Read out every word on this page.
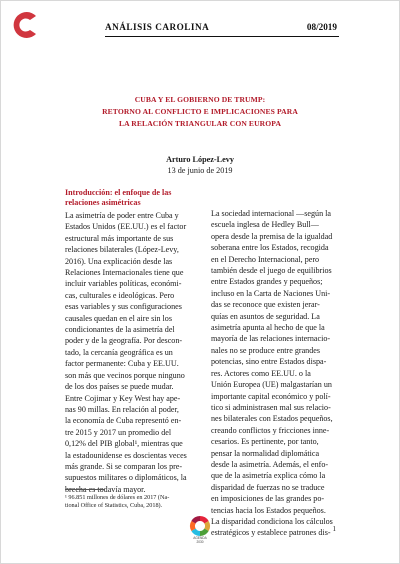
ANÁLISIS CAROLINA	08/2019
CUBA Y EL GOBIERNO DE TRUMP:
RETORNO AL CONFLICTO E IMPLICACIONES PARA
LA RELACIÓN TRIANGULAR CON EUROPA
Arturo López-Levy
13 de junio de 2019
Introducción: el enfoque de las
relaciones asimétricas
La asimetría de poder entre Cuba y
Estados Unidos (EE.UU.) es el factor
estructural más importante de sus
relaciones bilaterales (López-Levy,
2016). Una explicación desde las
Relaciones Internacionales tiene que
incluir variables políticas, económi-
cas, culturales e ideológicas. Pero
esas variables y sus configuraciones
causales quedan en el aire sin los
condicionantes de la asimetría del
poder y de la geografía. Por descon-
tado, la cercanía geográfica es un
factor permanente: Cuba y EE.UU.
son más que vecinos porque ninguno
de los dos países se puede mudar.
Entre Cojimar y Key West hay ape-
nas 90 millas. En relación al poder,
la economía de Cuba representó en-
tre 2015 y 2017 un promedio del
0,12% del PIB global¹, mientras que
la estadounidense es doscientas veces
más grande. Si se comparan los pre-
supuestos militares o diplomáticos, la
brecha es todavía mayor.
La sociedad internacional —según la
escuela inglesa de Hedley Bull—
opera desde la premisa de la igualdad
soberana entre los Estados, recogida
en el Derecho Internacional, pero
también desde el juego de equilibrios
entre Estados grandes y pequeños;
incluso en la Carta de Naciones Uni-
das se reconoce que existen jerar-
quías en asuntos de seguridad. La
asimetría apunta al hecho de que la
mayoría de las relaciones internacio-
nales no se produce entre grandes
potencias, sino entre Estados dispa-
res. Actores como EE.UU. o la
Unión Europea (UE) malgastarían un
importante capital económico y polí-
tico si administrasen mal sus relacio-
nes bilaterales con Estados pequeños,
creando conflictos y fricciones inne-
cesarios. Es pertinente, por tanto,
pensar la normalidad diplomática
desde la asimetría. Además, el enfo-
que de la asimetría explica cómo la
disparidad de fuerzas no se traduce
en imposiciones de las grandes po-
tencias hacia los Estados pequeños.
La disparidad condiciona los cálculos
estratégicos y establece patrones dis-
¹ 96.851 millones de dólares en 2017 (Na-
tional Office of Statistics, Cuba, 2018).
AGENDA
2030
1
